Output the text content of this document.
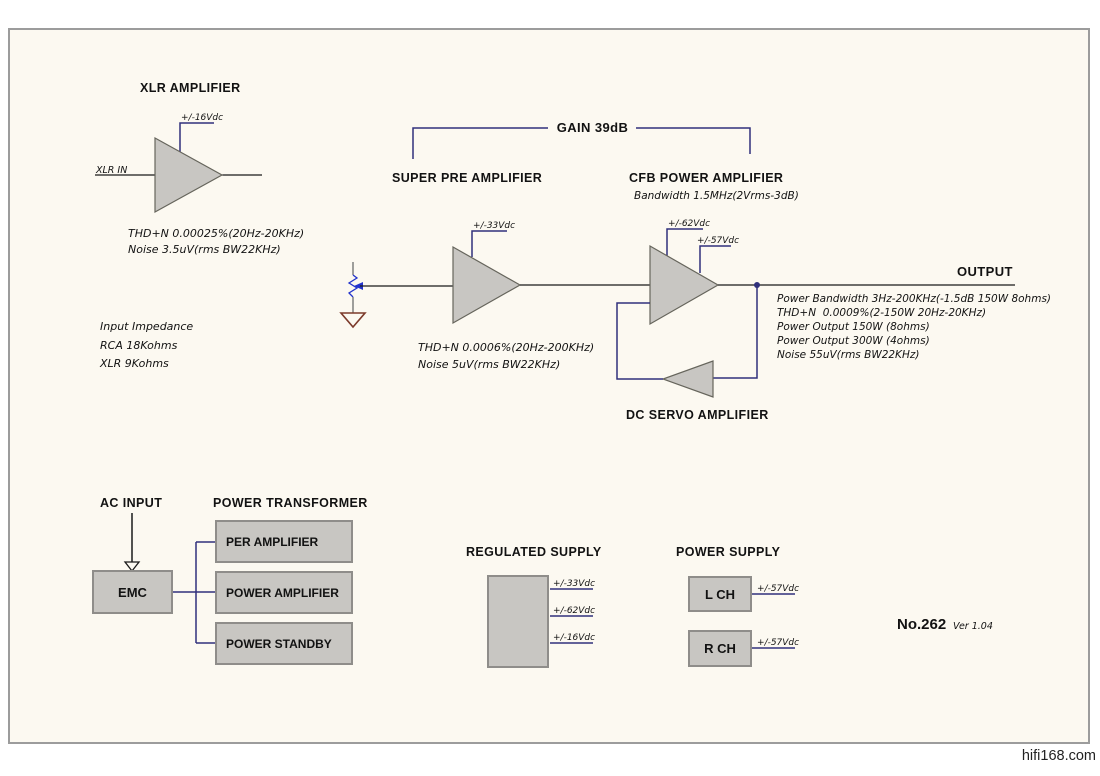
XLR AMPLIFIER
+/-16Vdc
XLR IN
THD+N 0.00025%(20Hz-20KHz)
Noise 3.5uV(rms BW22KHz)
Input Impedance
RCA 18Kohms
XLR 9Kohms
GAIN 39dB
SUPER PRE AMPLIFIER
+/-33Vdc
THD+N 0.0006%(20Hz-200KHz)
Noise 5uV(rms BW22KHz)
CFB POWER AMPLIFIER
Bandwidth 1.5MHz(2Vrms-3dB)
+/-62Vdc
+/-57Vdc
DC SERVO AMPLIFIER
OUTPUT
Power Bandwidth 3Hz-200KHz(-1.5dB 150W 8ohms)
THD+N  0.0009%(2-150W 20Hz-20KHz)
Power Output 150W (8ohms)
Power Output 300W (4ohms)
Noise 55uV(rms BW22KHz)
AC INPUT	POWER TRANSFORMER
EMC
PER AMPLIFIER
POWER AMPLIFIER
POWER STANDBY
REGULATED SUPPLY
+/-33Vdc
+/-62Vdc
+/-16Vdc
POWER SUPPLY
L CH +/-57Vdc
R CH +/-57Vdc
No.262 Ver 1.04
hifi168.com
